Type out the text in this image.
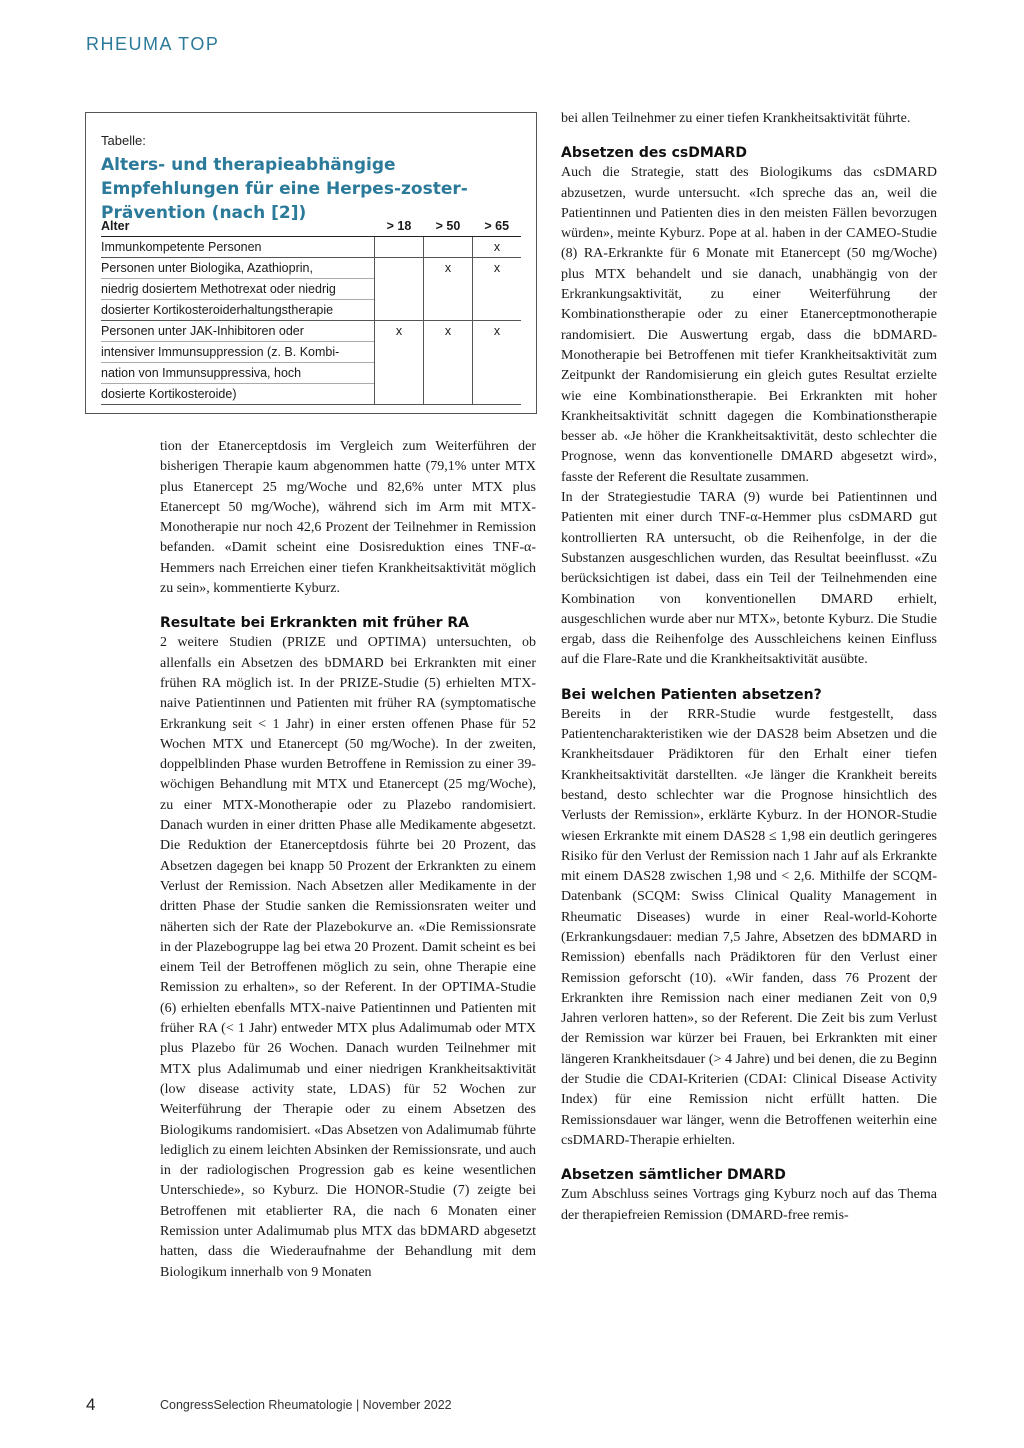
RHEUMA TOP
Tabelle:
Alters- und therapieabhängige Empfehlungen für eine Herpes-zoster-Prävention (nach [2])
Alter	> 18	> 50	> 65

Immunkompetente Personen			x

Personen unter Biologika, Azathioprin,
niedrig dosiertem Methotrexat oder niedrig
dosierter Kortikosteroiderhaltungstherapie		x	x

Personen unter JAK-Inhibitoren oder
intensiver Immunsuppression (z. B. Kombi-
nation von Immunsuppressiva, hoch
dosierte Kortikosteroide)	x	x	x

tion der Etanerceptdosis im Vergleich zum Weiterführen der bisherigen Therapie kaum abgenommen hatte (79,1% unter MTX plus Etanercept 25 mg/Woche und 82,6% unter MTX plus Etanercept 50 mg/Woche), während sich im Arm mit MTX-Monotherapie nur noch 42,6 Prozent der Teilnehmer in Remission befanden. «Damit scheint eine Dosisreduktion eines TNF-α-Hemmers nach Erreichen einer tiefen Krankheitsaktivität möglich zu sein», kommentierte Kyburz.

Resultate bei Erkrankten mit früher RA

2 weitere Studien (PRIZE und OPTIMA) untersuchten, ob allenfalls ein Absetzen des bDMARD bei Erkrankten mit einer frühen RA möglich ist. In der PRIZE-Studie (5) erhielten MTX-naive Patientinnen und Patienten mit früher RA (symptomatische Erkrankung seit < 1 Jahr) in einer ersten offenen Phase für 52 Wochen MTX und Etanercept (50 mg/Woche). In der zweiten, doppelblinden Phase wurden Betroffene in Remission zu einer 39-wöchigen Behandlung mit MTX und Etanercept (25 mg/Woche), zu einer MTX-Monotherapie oder zu Plazebo randomisiert. Danach wurden in einer dritten Phase alle Medikamente abgesetzt. Die Reduktion der Etanerceptdosis führte bei 20 Prozent, das Absetzen dagegen bei knapp 50 Prozent der Erkrankten zu einem Verlust der Remission. Nach Absetzen aller Medikamente in der dritten Phase der Studie sanken die Remissionsraten weiter und näherten sich der Rate der Plazebokurve an. «Die Remissionsrate in der Plazebogruppe lag bei etwa 20 Prozent. Damit scheint es bei einem Teil der Betroffenen möglich zu sein, ohne Therapie eine Remission zu erhalten», so der Referent. In der OPTIMA-Studie (6) erhielten ebenfalls MTX-naive Patientinnen und Patienten mit früher RA (< 1 Jahr) entweder MTX plus Adalimumab oder MTX plus Plazebo für 26 Wochen. Danach wurden Teilnehmer mit MTX plus Adalimumab und einer niedrigen Krankheitsaktivität (low disease activity state, LDAS) für 52 Wochen zur Weiterführung der Therapie oder zu einem Absetzen des Biologikums randomisiert. «Das Absetzen von Adalimumab führte lediglich zu einem leichten Absinken der Remissionsrate, und auch in der radiologischen Progression gab es keine wesentlichen Unterschiede», so Kyburz. Die HONOR-Studie (7) zeigte bei Betroffenen mit etablierter RA, die nach 6 Monaten einer Remission unter Adalimumab plus MTX das bDMARD abgesetzt hatten, dass die Wiederaufnahme der Behandlung mit dem Biologikum innerhalb von 9 Monaten

bei allen Teilnehmer zu einer tiefen Krankheitsaktivität führte.

Absetzen des csDMARD

Auch die Strategie, statt des Biologikums das csDMARD abzusetzen, wurde untersucht. «Ich spreche das an, weil die Patientinnen und Patienten dies in den meisten Fällen bevorzugen würden», meinte Kyburz. Pope at al. haben in der CAMEO-Studie (8) RA-Erkrankte für 6 Monate mit Etanercept (50 mg/Woche) plus MTX behandelt und sie danach, unabhängig von der Erkrankungsaktivität, zu einer Weiterführung der Kombinationstherapie oder zu einer Etanerceptmonotherapie randomisiert. Die Auswertung ergab, dass die bDMARD-Monotherapie bei Betroffenen mit tiefer Krankheitsaktivität zum Zeitpunkt der Randomisierung ein gleich gutes Resultat erzielte wie eine Kombinationstherapie. Bei Erkrankten mit hoher Krankheitsaktivität schnitt dagegen die Kombinationstherapie besser ab. «Je höher die Krankheitsaktivität, desto schlechter die Prognose, wenn das konventionelle DMARD abgesetzt wird», fasste der Referent die Resultate zusammen.

In der Strategiestudie TARA (9) wurde bei Patientinnen und Patienten mit einer durch TNF-α-Hemmer plus csDMARD gut kontrollierten RA untersucht, ob die Reihenfolge, in der die Substanzen ausgeschlichen wurden, das Resultat beeinflusst. «Zu berücksichtigen ist dabei, dass ein Teil der Teilnehmenden eine Kombination von konventionellen DMARD erhielt, ausgeschlichen wurde aber nur MTX», betonte Kyburz. Die Studie ergab, dass die Reihenfolge des Ausschleichens keinen Einfluss auf die Flare-Rate und die Krankheitsaktivität ausübte.

Bei welchen Patienten absetzen?

Bereits in der RRR-Studie wurde festgestellt, dass Patientencharakteristiken wie der DAS28 beim Absetzen und die Krankheitsdauer Prädiktoren für den Erhalt einer tiefen Krankheitsaktivität darstellten. «Je länger die Krankheit bereits bestand, desto schlechter war die Prognose hinsichtlich des Verlusts der Remission», erklärte Kyburz. In der HONOR-Studie wiesen Erkrankte mit einem DAS28 ≤ 1,98 ein deutlich geringeres Risiko für den Verlust der Remission nach 1 Jahr auf als Erkrankte mit einem DAS28 zwischen 1,98 und < 2,6. Mithilfe der SCQM-Datenbank (SCQM: Swiss Clinical Quality Management in Rheumatic Diseases) wurde in einer Real-world-Kohorte (Erkrankungsdauer: median 7,5 Jahre, Absetzen des bDMARD in Remission) ebenfalls nach Prädiktoren für den Verlust einer Remission geforscht (10). «Wir fanden, dass 76 Prozent der Erkrankten ihre Remission nach einer medianen Zeit von 0,9 Jahren verloren hatten», so der Referent. Die Zeit bis zum Verlust der Remission war kürzer bei Frauen, bei Erkrankten mit einer längeren Krankheitsdauer (> 4 Jahre) und bei denen, die zu Beginn der Studie die CDAI-Kriterien (CDAI: Clinical Disease Activity Index) für eine Remission nicht erfüllt hatten. Die Remissionsdauer war länger, wenn die Betroffenen weiterhin eine csDMARD-Therapie erhielten.

Absetzen sämtlicher DMARD

Zum Abschluss seines Vortrags ging Kyburz noch auf das Thema der therapiefreien Remission (DMARD-free remis-

4	CongressSelection Rheumatologie | November 2022
